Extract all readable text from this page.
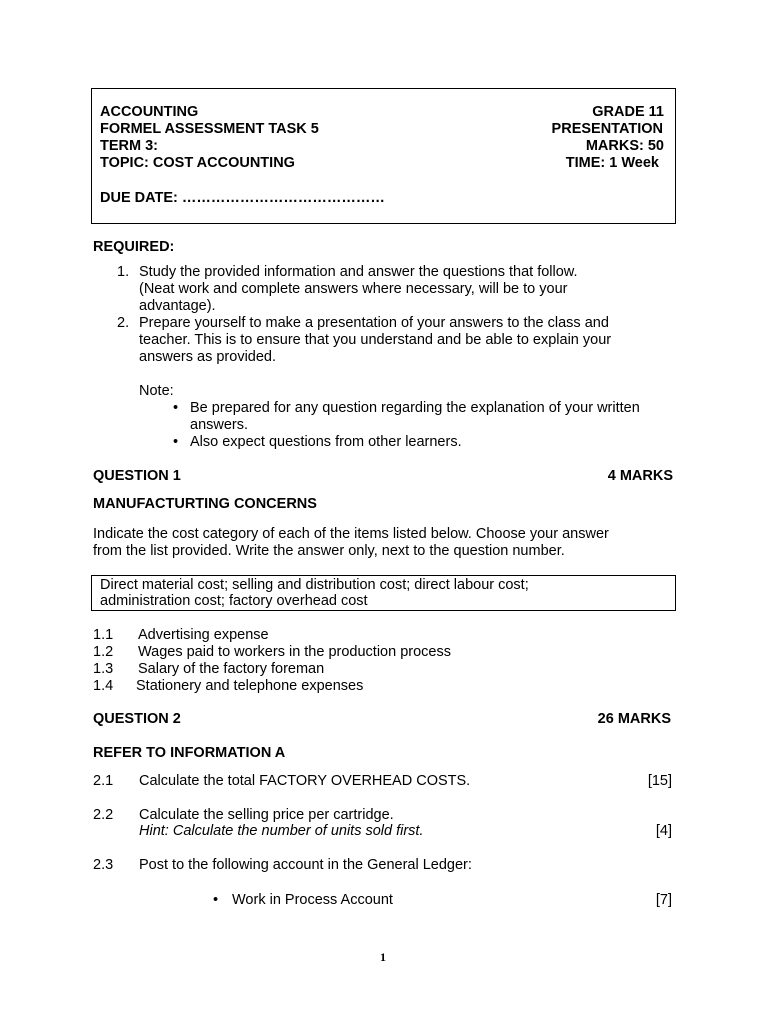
ACCOUNTING	GRADE 11
FORMEL ASSESSMENT TASK 5	PRESENTATION
TERM 3:	MARKS: 50
TOPIC: COST ACCOUNTING	TIME: 1 Week
DUE DATE: ……………………………………
REQUIRED:
1. Study the provided information and answer the questions that follow.
(Neat work and complete answers where necessary, will be to your
advantage).
2. Prepare yourself to make a presentation of your answers to the class and
teacher. This is to ensure that you understand and be able to explain your
answers as provided.
Note:
• Be prepared for any question regarding the explanation of your written
answers.
• Also expect questions from other learners.
QUESTION 1	4 MARKS
MANUFACTURTING CONCERNS
Indicate the cost category of each of the items listed below. Choose your answer
from the list provided. Write the answer only, next to the question number.
Direct material cost; selling and distribution cost; direct labour cost;
administration cost; factory overhead cost
1.1 Advertising expense
1.2 Wages paid to workers in the production process
1.3 Salary of the factory foreman
1.4 Stationery and telephone expenses
QUESTION 2	26 MARKS
REFER TO INFORMATION A
2.1 Calculate the total FACTORY OVERHEAD COSTS.	[15]
2.2 Calculate the selling price per cartridge.
Hint: Calculate the number of units sold first.	[4]
2.3 Post to the following account in the General Ledger:
• Work in Process Account	[7]
1
